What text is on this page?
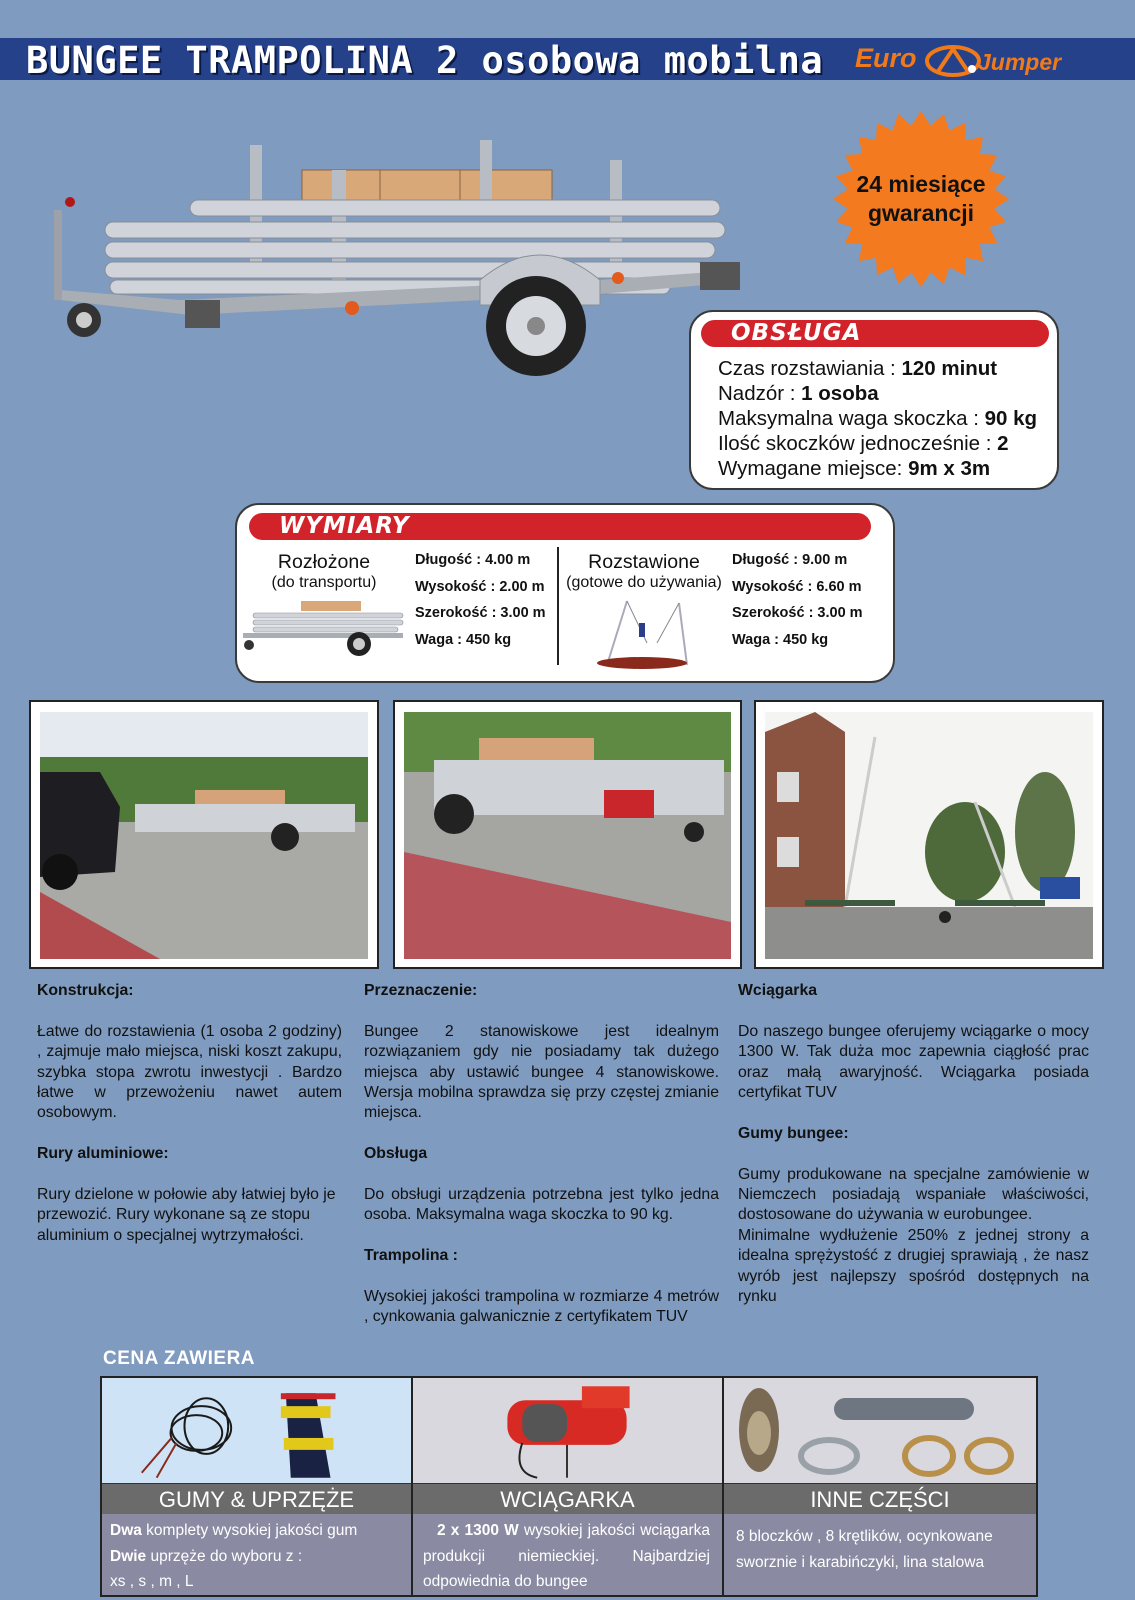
BUNGEE TRAMPOLINA 2 osobowa mobilna Euro	Jumper
24 miesiące
gwarancji
OBSŁUGA
Czas rozstawiania : 120 minut
Nadzór : 1 osoba
Maksymalna waga skoczka : 90 kg
Ilość skoczków jednocześnie : 2
Wymagane miejsce: 9m x 3m
WYMIARY
Rozłożone
(do transportu)
Długość : 4.00 m
Wysokość : 2.00 m
Szerokość : 3.00 m
Waga : 450 kg
Rozstawione
(gotowe do używania)
Długość : 9.00 m
Wysokość : 6.60 m
Szerokość : 3.00 m
Waga : 450 kg
Konstrukcja:

Łatwe do rozstawienia (1 osoba 2 godziny) , zajmuje mało miejsca, niski koszt zakupu, szybka stopa zwrotu inwestycji . Bardzo łatwe w przewożeniu nawet autem osobowym.

Rury aluminiowe:

Rury dzielone w połowie aby łatwiej było je przewozić. Rury wykonane są ze stopu aluminium o specjalnej wytrzymałości.

Przeznaczenie:

Bungee 2 stanowiskowe jest idealnym rozwiązaniem gdy nie posiadamy tak dużego miejsca aby ustawić bungee 4 stanowiskowe. Wersja mobilna sprawdza się przy częstej zmianie miejsca.

Obsługa

Do obsługi urządzenia potrzebna jest tylko jedna osoba. Maksymalna waga skoczka to 90 kg.

Trampolina :

Wysokiej jakości trampolina w rozmiarze 4 metrów , cynkowania galwanicznie z certyfikatem TUV

Wciągarka

Do naszego bungee oferujemy wciągarke o mocy 1300 W. Tak duża moc zapewnia ciągłość prac oraz małą awaryjność. Wciągarka posiada certyfikat TUV

Gumy bungee:

Gumy produkowane na specjalne zamówienie w Niemczech posiadają wspaniałe właściwości, dostosowane do używania w eurobungee.

Minimalne wydłużenie 250% z jednej strony a idealna sprężystość z drugiej sprawiają , że nasz wyrób jest najlepszy spośród dostępnych na rynku

CENA ZAWIERA
GUMY & UPRZĘŻE
Dwa komplety wysokiej jakości gum
Dwie uprzęże do wyboru z :
xs , s , m , L
WCIĄGARKA
2 x 1300 W wysokiej jakości wciągarka produkcji niemieckiej. Najbardziej odpowiednia do bungee
INNE CZĘŚCI
8 bloczków , 8 krętlików, ocynkowane sworznie i karabińczyki, lina stalowa
